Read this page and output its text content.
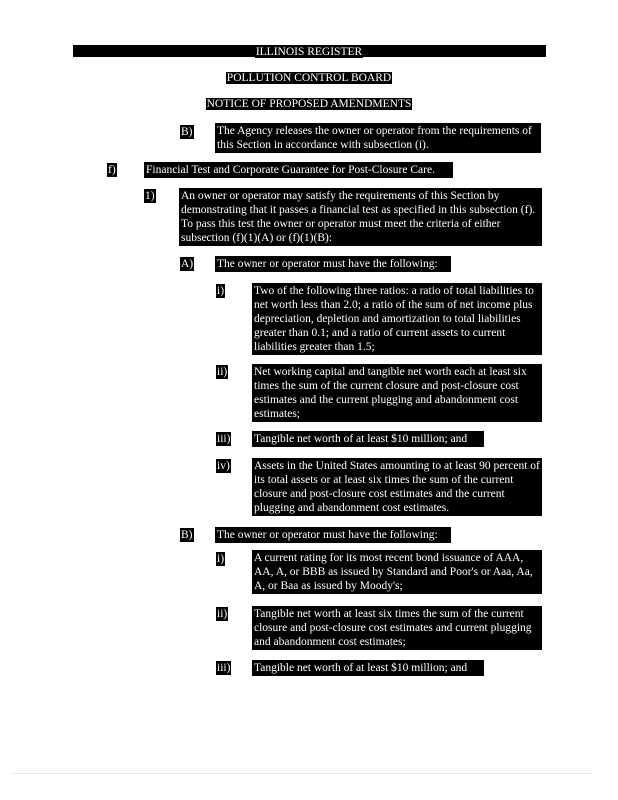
ILLINOIS REGISTER
POLLUTION CONTROL BOARD
NOTICE OF PROPOSED AMENDMENTS
B) The Agency releases the owner or operator from the requirements of this Section in accordance with subsection (i).
f)	Financial Test and Corporate Guarantee for Post-Closure Care.
1) An owner or operator may satisfy the requirements of this Section by demonstrating that it passes a financial test as specified in this subsection (f). To pass this test the owner or operator must meet the criteria of either subsection (f)(1)(A) or (f)(1)(B):
A) The owner or operator must have the following:
i)	Two of the following three ratios: a ratio of total liabilities to net worth less than 2.0; a ratio of the sum of net income plus depreciation, depletion and amortization to total liabilities greater than 0.1; and a ratio of current assets to current liabilities greater than 1.5;
ii) Net working capital and tangible net worth each at least six times the sum of the current closure and post-closure cost estimates and the current plugging and abandonment cost estimates;
iii) Tangible net worth of at least $10 million; and
iv) Assets in the United States amounting to at least 90 percent of its total assets or at least six times the sum of the current closure and post-closure cost estimates and the current plugging and abandonment cost estimates.
B) The owner or operator must have the following:
i)	A current rating for its most recent bond issuance of AAA, AA, A, or BBB as issued by Standard and Poor's or Aaa, Aa, A, or Baa as issued by Moody's;
ii) Tangible net worth at least six times the sum of the current closure and post-closure cost estimates and current plugging and abandonment cost estimates;
iii) Tangible net worth of at least $10 million; and
